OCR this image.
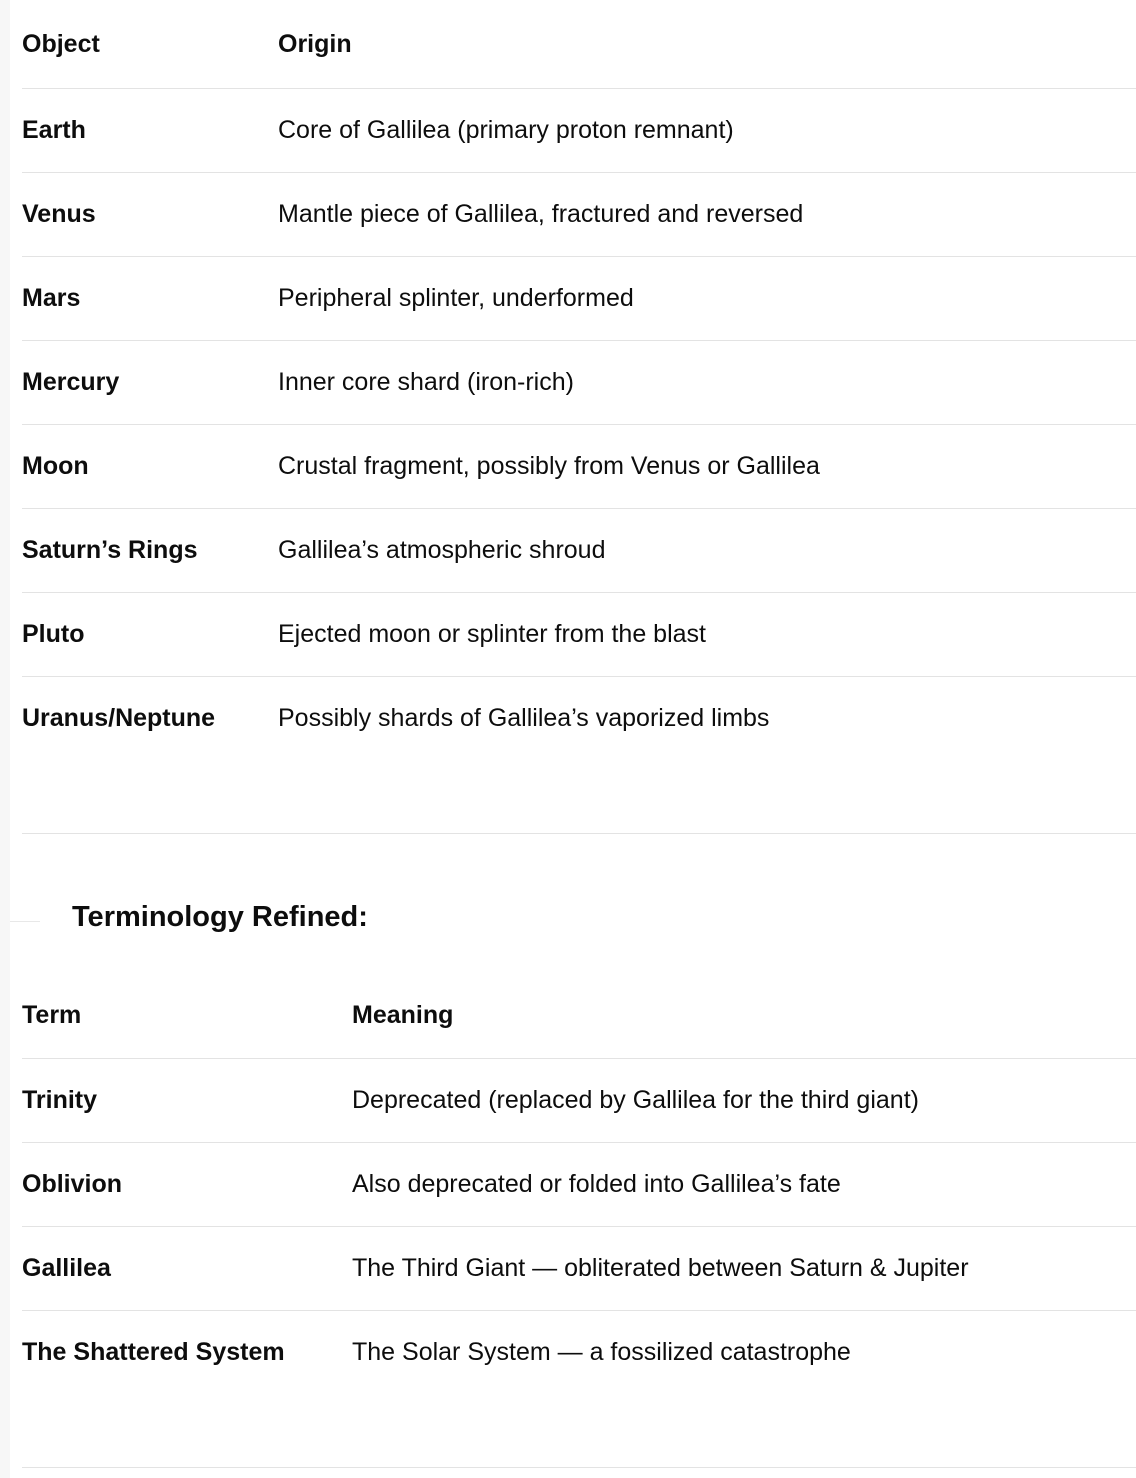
Object	Origin
Earth	Core of Gallilea (primary proton remnant)
Venus	Mantle piece of Gallilea, fractured and reversed
Mars	Peripheral splinter, underformed
Mercury	Inner core shard (iron-rich)
Moon	Crustal fragment, possibly from Venus or Gallilea
Saturn’s Rings	Gallilea’s atmospheric shroud
Pluto	Ejected moon or splinter from the blast
Uranus/Neptune	Possibly shards of Gallilea’s vaporized limbs
Terminology Refined:
Term	Meaning
Trinity	Deprecated (replaced by Gallilea for the third giant)
Oblivion	Also deprecated or folded into Gallilea’s fate
Gallilea	The Third Giant — obliterated between Saturn & Jupiter
The Shattered System	The Solar System — a fossilized catastrophe
